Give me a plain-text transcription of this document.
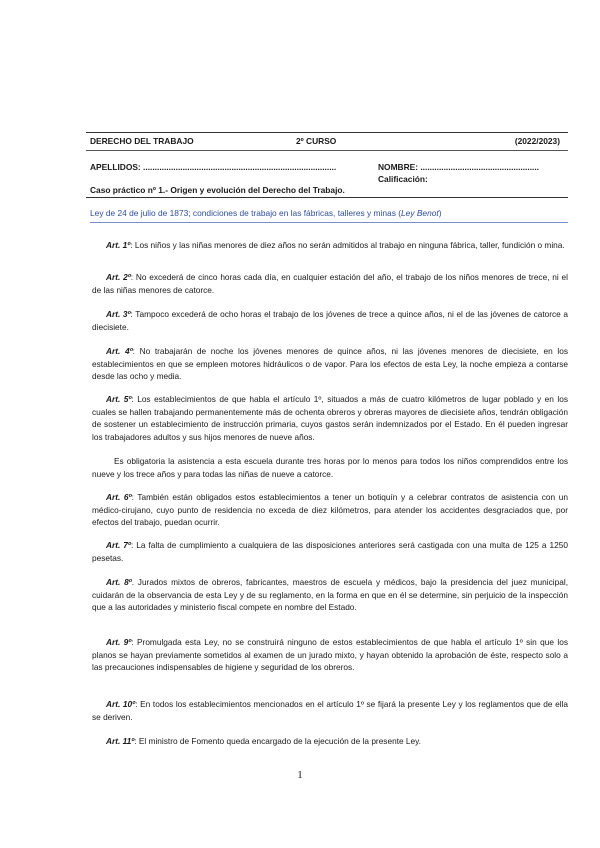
DERECHO DEL TRABAJO	2º CURSO	(2022/2023)
APELLIDOS: ...................................................................................	NOMBRE: ...................................................
Calificación:
Caso práctico nº 1.- Origen y evolución del Derecho del Trabajo.
Ley de 24 de julio de 1873; condiciones de trabajo en las fábricas, talleres y minas (Ley Benot)

Art. 1º: Los niños y las niñas menores de diez años no serán admitidos al trabajo en ninguna fábrica, taller, fundición o mina.

Art. 2º: No excederá de cinco horas cada día, en cualquier estación del año, el trabajo de los niños menores de trece, ni el de las niñas menores de catorce.

Art. 3º: Tampoco excederá de ocho horas el trabajo de los jóvenes de trece a quince años, ni el de las jóvenes de catorce a diecisiete.

Art. 4º: No trabajarán de noche los jóvenes menores de quince años, ni las jóvenes menores de diecisiete, en los establecimientos en que se empleen motores hidráulicos o de vapor. Para los efectos de esta Ley, la noche empieza a contarse desde las ocho y media.

Art. 5º: Los establecimientos de que habla el artículo 1º, situados a más de cuatro kilómetros de lugar poblado y en los cuales se hallen trabajando permanentemente más de ochenta obreros y obreras mayores de diecisiete años, tendrán obligación de sostener un establecimiento de instrucción primaria, cuyos gastos serán indemnizados por el Estado. En él pueden ingresar los trabajadores adultos y sus hijos menores de nueve años.

Es obligatoria la asistencia a esta escuela durante tres horas por lo menos para todos los niños comprendidos entre los nueve y los trece años y para todas las niñas de nueve a catorce.

Art. 6º: También están obligados estos establecimientos a tener un botiquín y a celebrar contratos de asistencia con un médico-cirujano, cuyo punto de residencia no exceda de diez kilómetros, para atender los accidentes desgraciados que, por efectos del trabajo, puedan ocurrir.

Art. 7º: La falta de cumplimiento a cualquiera de las disposiciones anteriores será castigada con una multa de 125 a 1250 pesetas.

Art. 8º. Jurados mixtos de obreros, fabricantes, maestros de escuela y médicos, bajo la presidencia del juez municipal, cuidarán de la observancia de esta Ley y de su reglamento, en la forma en que en él se determine, sin perjuicio de la inspección que a las autoridades y ministerio fiscal compete en nombre del Estado.

Art. 9º: Promulgada esta Ley, no se construirá ninguno de estos establecimientos de que habla el artículo 1º sin que los planos se hayan previamente sometidos al examen de un jurado mixto, y hayan obtenido la aprobación de éste, respecto solo a las precauciones indispensables de higiene y seguridad de los obreros.

Art. 10º: En todos los establecimientos mencionados en el artículo 1º se fijará la presente Ley y los reglamentos que de ella se deriven.

Art. 11º: El ministro de Fomento queda encargado de la ejecución de la presente Ley.

1
